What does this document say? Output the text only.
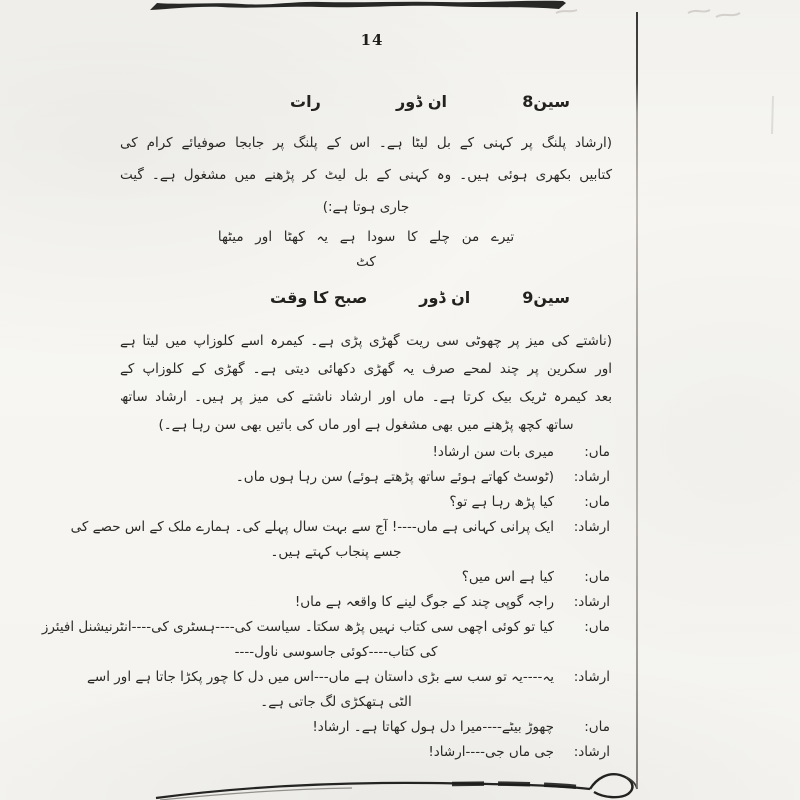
14
سین8
ان ڈور
رات
(ارشاد پلنگ پر کہنی کے بل لیٹا ہے۔ اس کے پلنگ پر جابجا صوفیائے کرام کی
کتابیں بکھری ہوئی ہیں۔ وہ کہنی کے بل لیٹ کر پڑھنے میں مشغول ہے۔ گیت
جاری ہوتا ہے:)
تیرے من چلے کا سودا ہے یہ کھٹا اور میٹھا
کٹ
سین9
ان ڈور
صبح کا وقت
(ناشتے کی میز پر چھوٹی سی ریت گھڑی پڑی ہے۔ کیمرہ اسے کلوزاپ میں لیتا ہے
اور سکرین پر چند لمحے صرف یہ گھڑی دکھائی دیتی ہے۔ گھڑی کے کلوزاپ کے
بعد کیمرہ ٹریک بیک کرتا ہے۔ ماں اور ارشاد ناشتے کی میز پر ہیں۔ ارشاد ساتھ
ساتھ کچھ پڑھنے میں بھی مشغول ہے اور ماں کی باتیں بھی سن رہا ہے۔)
ماں:
میری بات سن ارشاد!
ارشاد:
(ٹوسٹ کھاتے ہوئے ساتھ پڑھتے ہوئے) سن رہا ہوں ماں۔
ماں:
کیا پڑھ رہا ہے تو؟
ارشاد:
ایک پرانی کہانی ہے ماں----! آج سے بہت سال پہلے کی۔ ہمارے ملک کے اس حصے کی
جسے پنجاب کہتے ہیں۔
ماں:
کیا ہے اس میں؟
ارشاد:
راجہ گوپی چند کے جوگ لینے کا واقعہ ہے ماں!
ماں:
کیا تو کوئی اچھی سی کتاب نہیں پڑھ سکتا۔ سیاست کی----ہسٹری کی----انٹرنیشنل افیئرز
کی کتاب----کوئی جاسوسی ناول----
ارشاد:
یہ----یہ تو سب سے بڑی داستان ہے ماں---اس میں دل کا چور پکڑا جاتا ہے اور اسے
الٹی ہتھکڑی لگ جاتی ہے۔
ماں:
چھوڑ بیٹے----میرا دل ہول کھاتا ہے۔ ارشاد!
ارشاد:
جی ماں جی----ارشاد!
